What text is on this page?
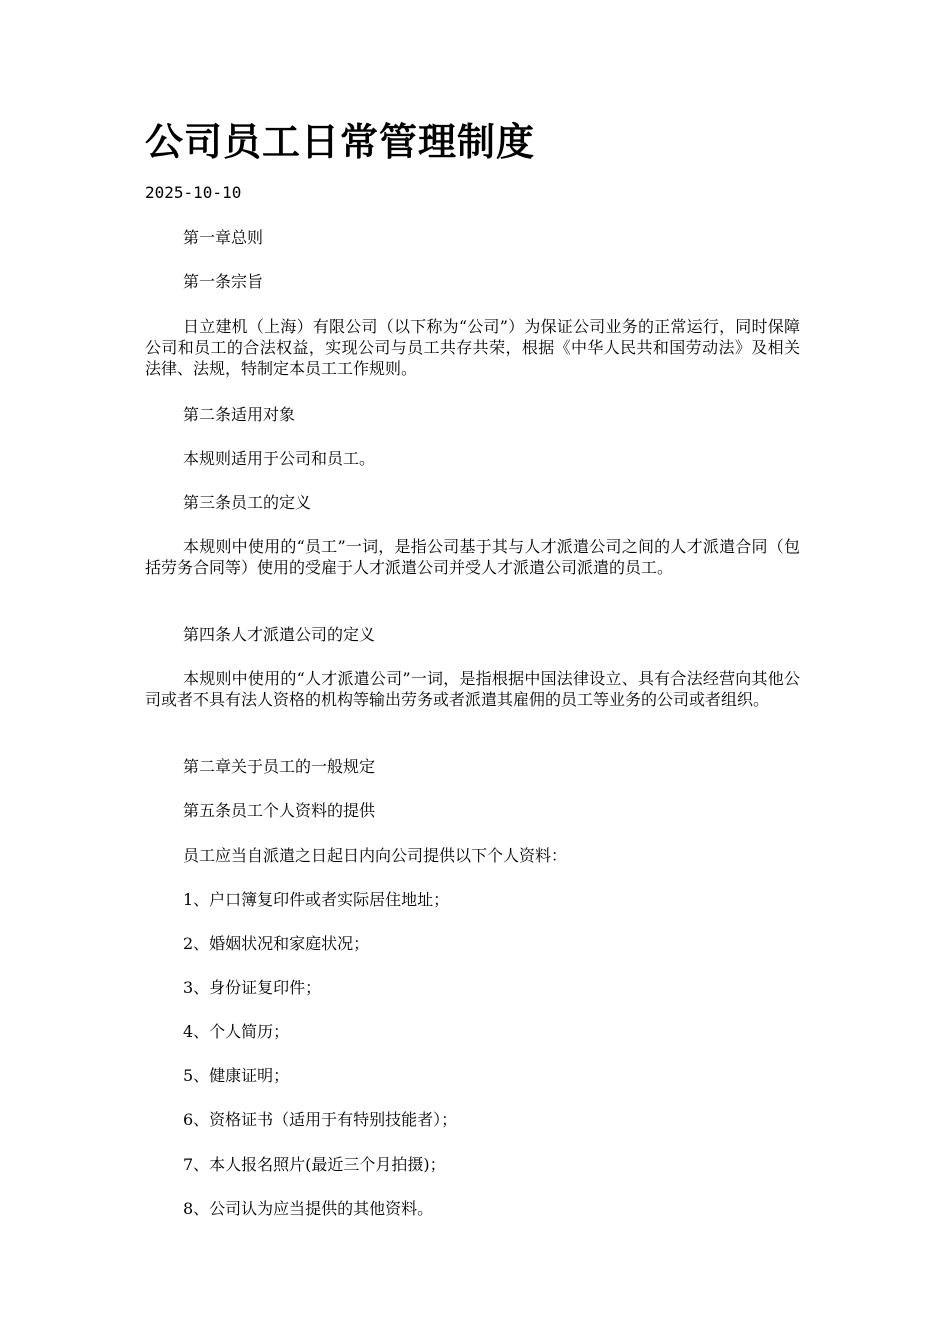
公司员工日常管理制度
2025-10-10

第一章总则

第一条宗旨

日立建机（上海）有限公司（以下称为“公司”）为保证公司业务的正常运行，同时保障公司和员工的合法权益，实现公司与员工共存共荣，根据《中华人民共和国劳动法》及相关法律、法规，特制定本员工工作规则。

第二条适用对象

本规则适用于公司和员工。

第三条员工的定义

本规则中使用的“员工”一词，是指公司基于其与人才派遣公司之间的人才派遣合同（包括劳务合同等）使用的受雇于人才派遣公司并受人才派遣公司派遣的员工。

第四条人才派遣公司的定义

本规则中使用的“人才派遣公司”一词，是指根据中国法律设立、具有合法经营向其他公司或者不具有法人资格的机构等输出劳务或者派遣其雇佣的员工等业务的公司或者组织。

第二章关于员工的一般规定

第五条员工个人资料的提供

员工应当自派遣之日起日内向公司提供以下个人资料：

1、户口簿复印件或者实际居住地址；

2、婚姻状况和家庭状况；

3、身份证复印件；

4、个人简历；

5、健康证明；

6、资格证书（适用于有特别技能者）；

7、本人报名照片(最近三个月拍摄)；

8、公司认为应当提供的其他资料。
